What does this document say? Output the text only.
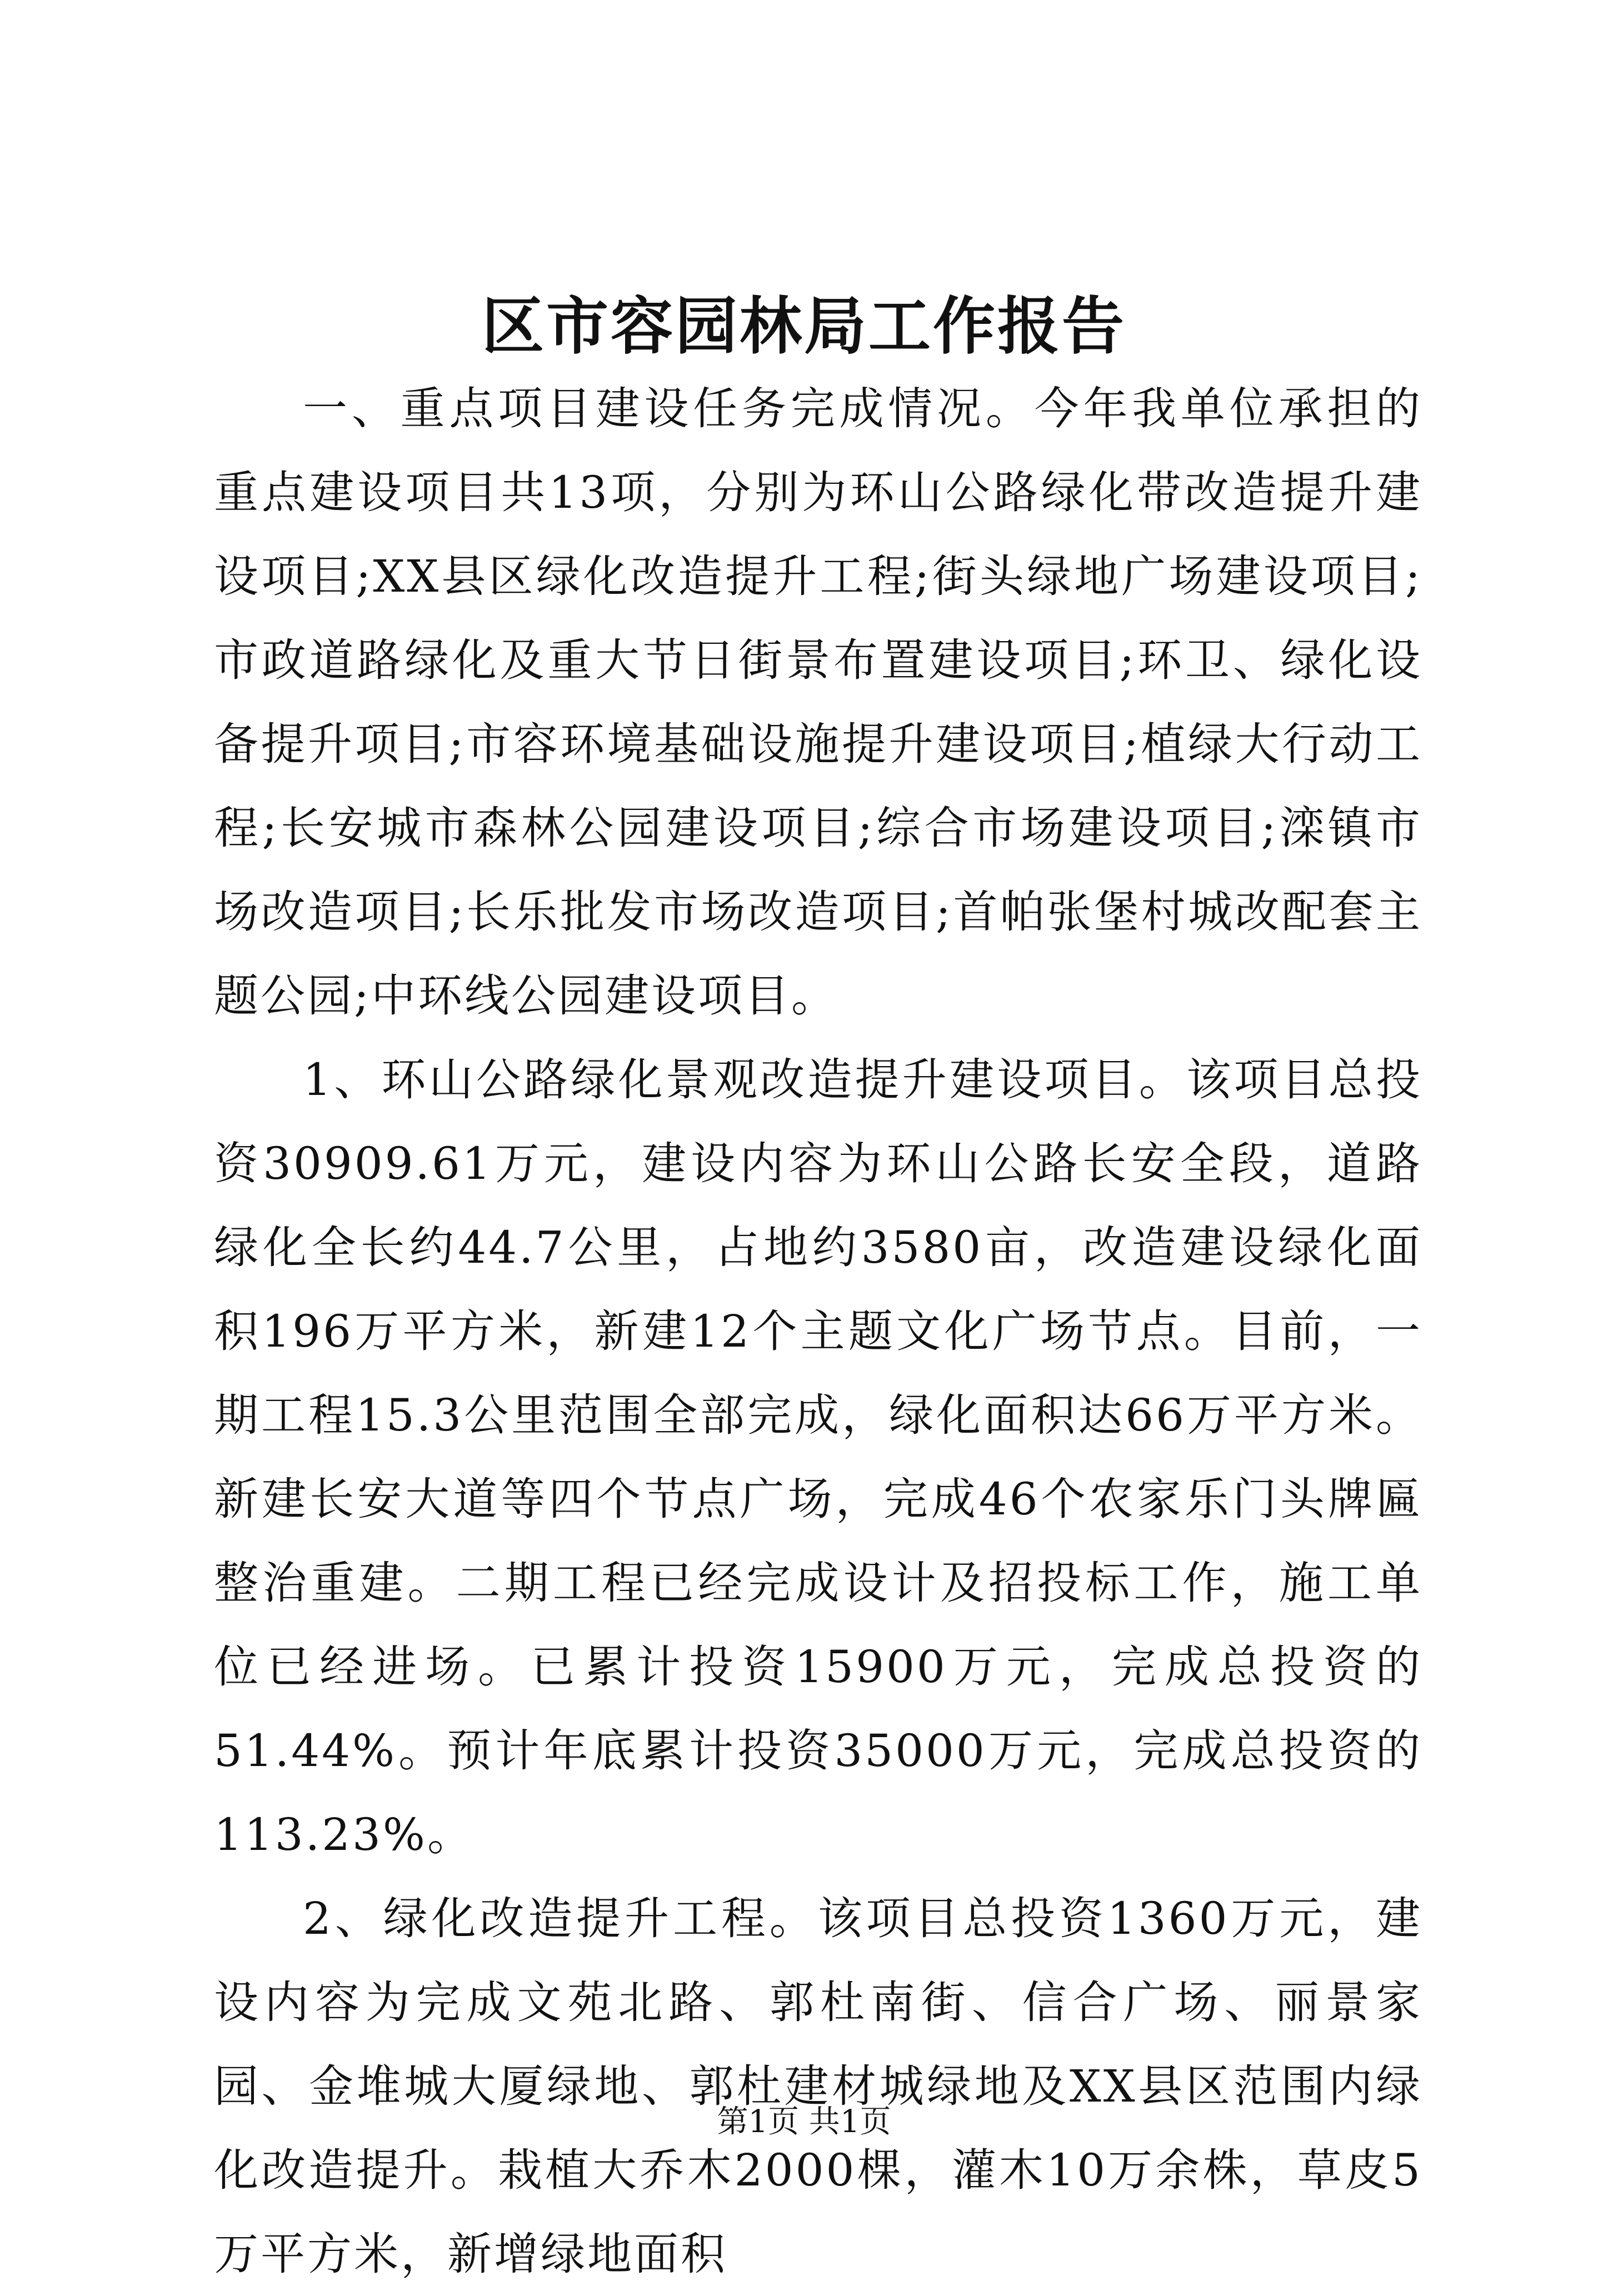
区市容园林局工作报告

一、重点项目建设任务完成情况。今年我单位承担的重点建设项目共13项，分别为环山公路绿化带改造提升建设项目;XX县区绿化改造提升工程;街头绿地广场建设项目;市政道路绿化及重大节日街景布置建设项目;环卫、绿化设备提升项目;市容环境基础设施提升建设项目;植绿大行动工程;长安城市森林公园建设项目;综合市场建设项目;滦镇市场改造项目;长乐批发市场改造项目;首帕张堡村城改配套主题公园;中环线公园建设项目。

1、环山公路绿化景观改造提升建设项目。该项目总投资30909.61万元，建设内容为环山公路长安全段，道路绿化全长约44.7公里，占地约3580亩，改造建设绿化面积196万平方米，新建12个主题文化广场节点。目前，一期工程15.3公里范围全部完成，绿化面积达66万平方米。新建长安大道等四个节点广场，完成46个农家乐门头牌匾整治重建。二期工程已经完成设计及招投标工作，施工单位已经进场。已累计投资15900万元，完成总投资的51.44%。预计年底累计投资35000万元，完成总投资的113.23%。

2、绿化改造提升工程。该项目总投资1360万元，建设内容为完成文苑北路、郭杜南街、信合广场、丽景家园、金堆城大厦绿地、郭杜建材城绿地及XX县区范围内绿化改造提升。栽植大乔木2000棵，灌木10万余株，草皮5万平方米，新增绿地面积

第1页 共1页
